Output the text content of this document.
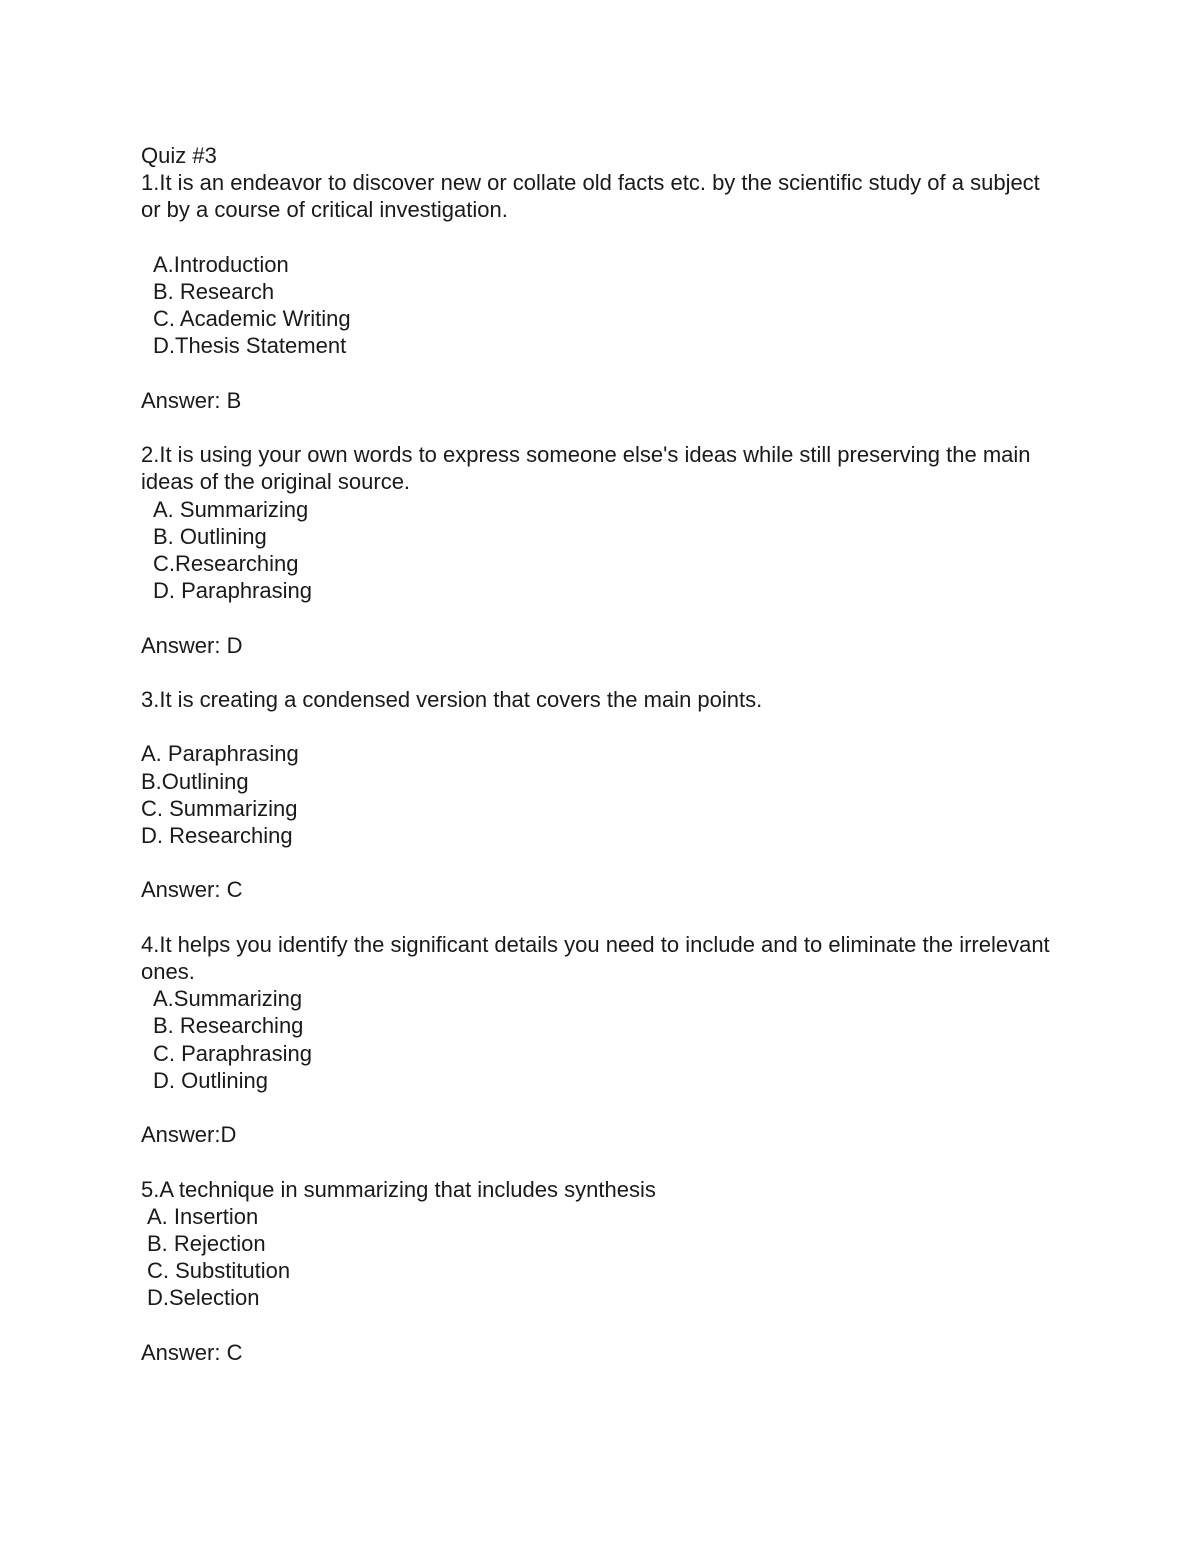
Quiz #3

1.It is an endeavor to discover new or collate old facts etc. by the scientific study of a subject or by a course of critical investigation.

A.Introduction

B. Research

C. Academic Writing

D.Thesis Statement

Answer: B

2.It is using your own words to express someone else's ideas while still preserving the main ideas of the original source.

A. Summarizing

B. Outlining

C.Researching

D. Paraphrasing

Answer: D

3.It is creating a condensed version that covers the main points.

A. Paraphrasing

B.Outlining

C. Summarizing

D. Researching

Answer: C

4.It helps you identify the significant details you need to include and to eliminate the irrelevant ones.

A.Summarizing

B. Researching

C. Paraphrasing

D. Outlining

Answer:D

5.A technique in summarizing that includes synthesis

A. Insertion

B. Rejection

C. Substitution

D.Selection

Answer: C
